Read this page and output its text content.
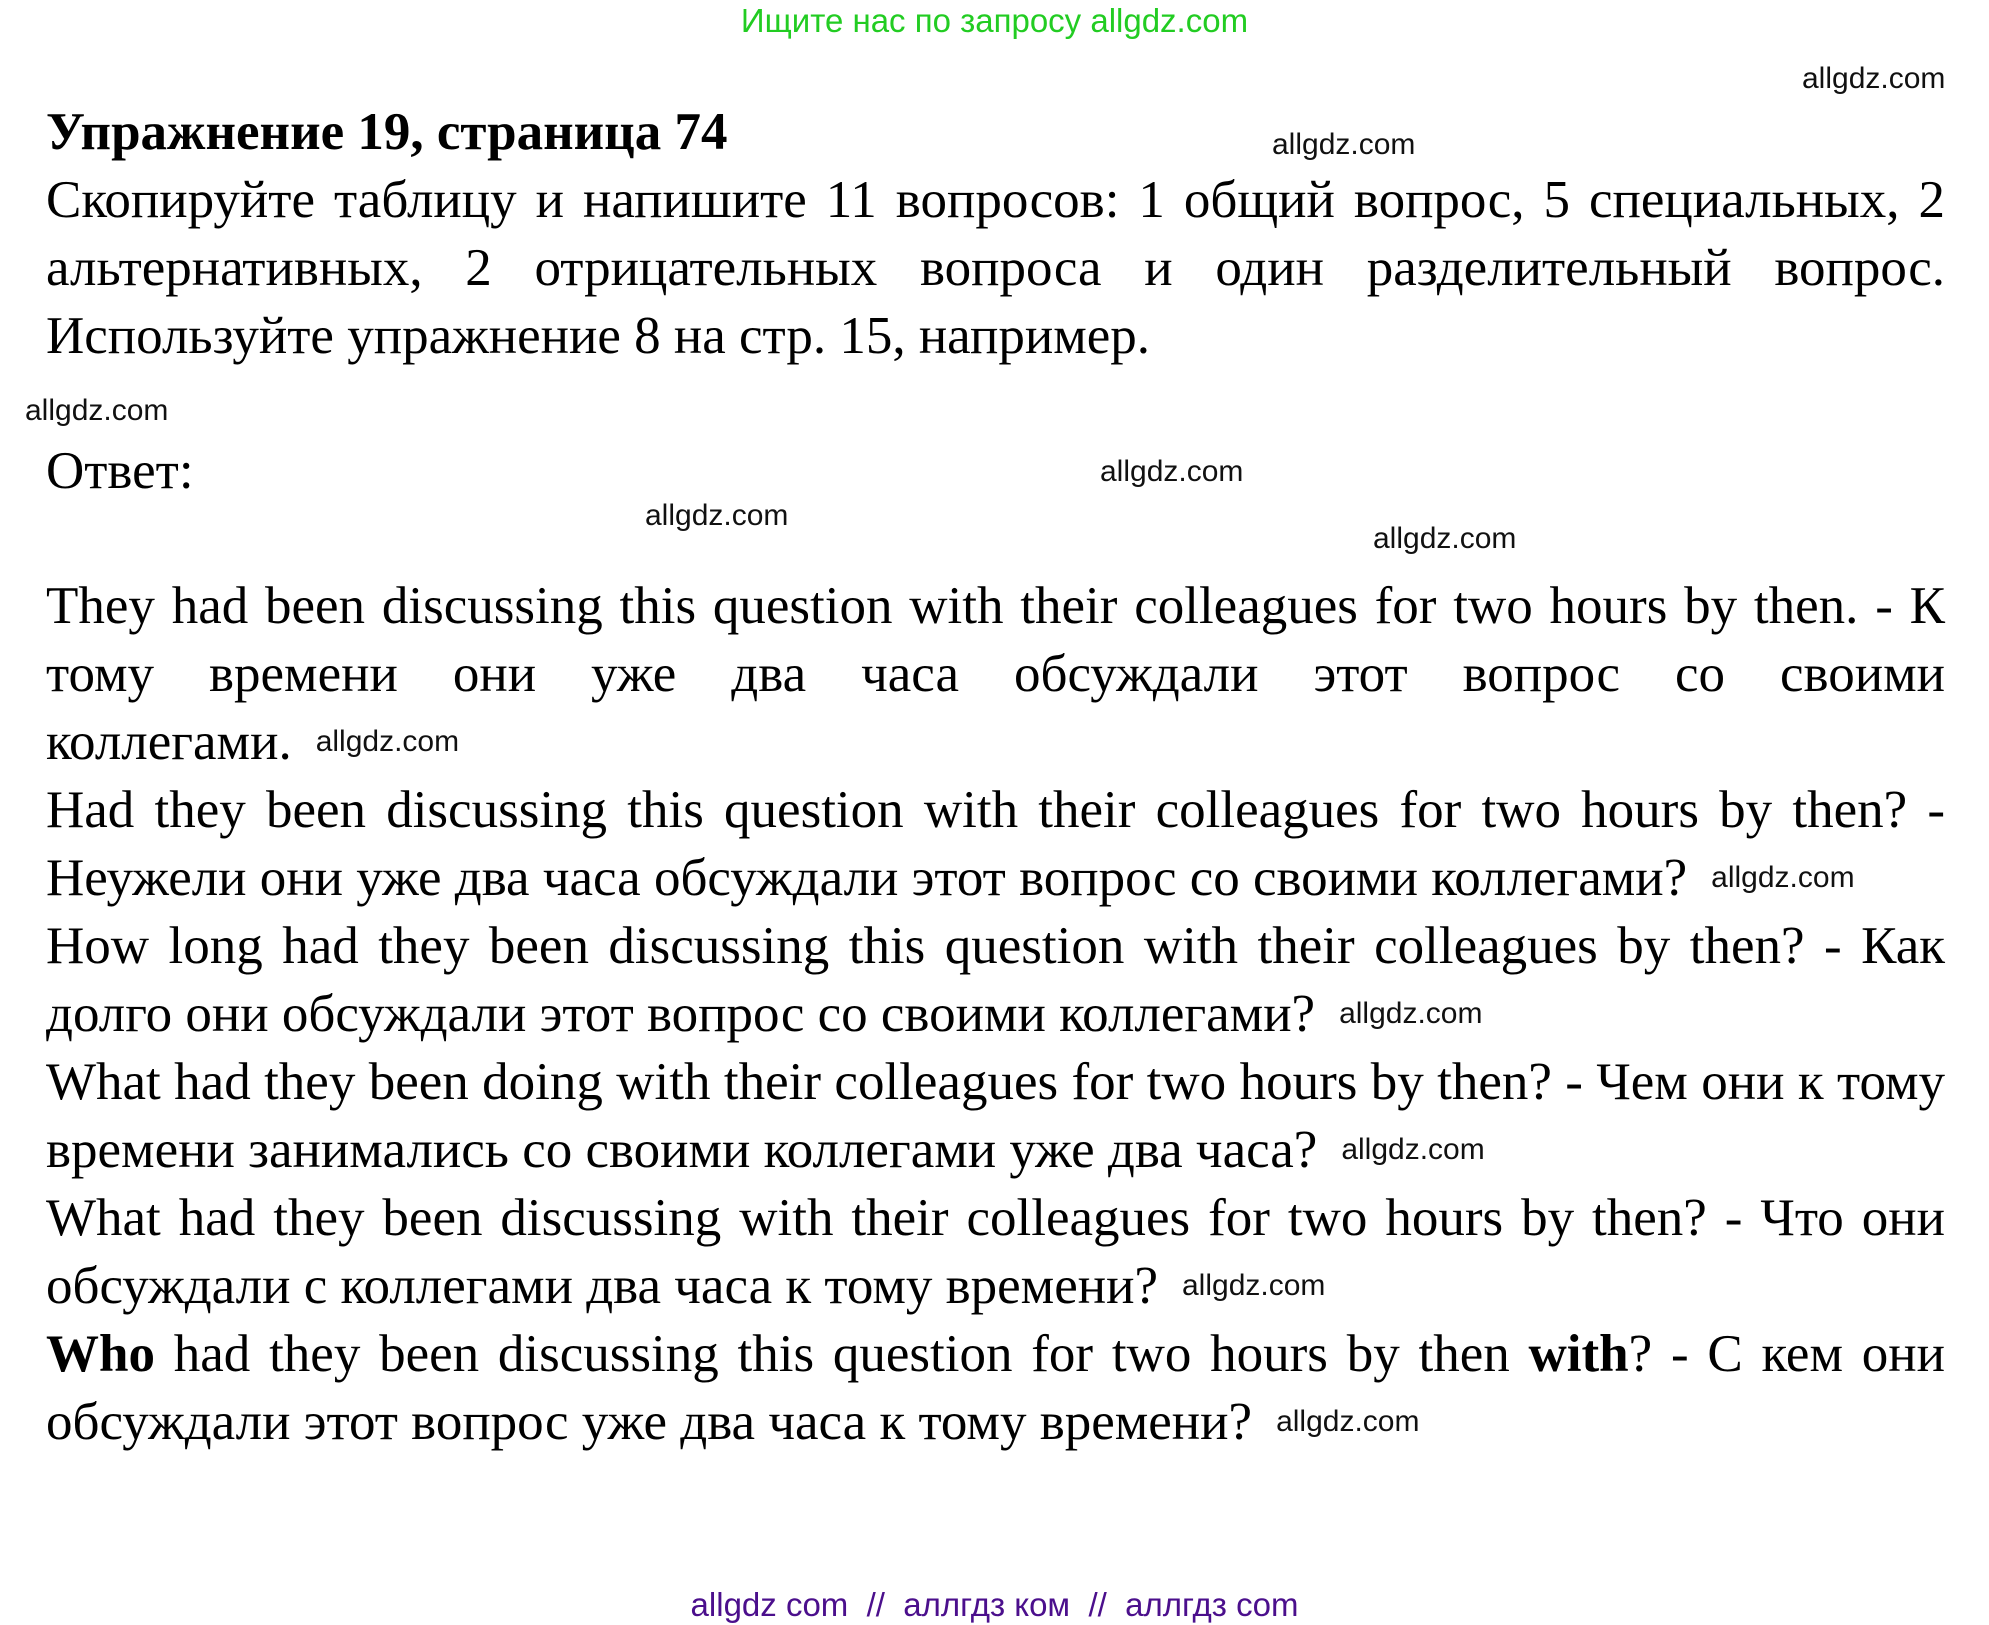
Ищите нас по запросу allgdz.com
Упражнение 19, страница 74
Скопируйте таблицу и напишите 11 вопросов: 1 общий вопрос, 5 специальных, 2 альтернативных, 2 отрицательных вопроса и один разделительный вопрос. Используйте упражнение 8 на стр. 15, например.
Ответ:

They had been discussing this question with their colleagues for two hours by then. - К тому времени они уже два часа обсуждали этот вопрос со своими коллегами. $^{allgdz.com}$

Had they been discussing this question with their colleagues for two hours by then? - Неужели они уже два часа обсуждали этот вопрос со своими коллегами? $^{allgdz.com}$

How long had they been discussing this question with their colleagues by then? - Как долго они обсуждали этот вопрос со своими коллегами? $^{allgdz.com}$

What had they been doing with their colleagues for two hours by then? - Чем они к тому времени занимались со своими коллегами уже два часа? $^{allgdz.com}$

What had they been discussing with their colleagues for two hours by then? - Что они обсуждали с коллегами два часа к тому времени? $^{allgdz.com}$

Who had they been discussing this question for two hours by then with? - С кем они обсуждали этот вопрос уже два часа к тому времени? $^{allgdz.com}$

allgdz.com
allgdz.com
allgdz.com
allgdz.com
allgdz.com
allgdz.com
allgdz com  //  аллгдз ком  //  аллгдз com
